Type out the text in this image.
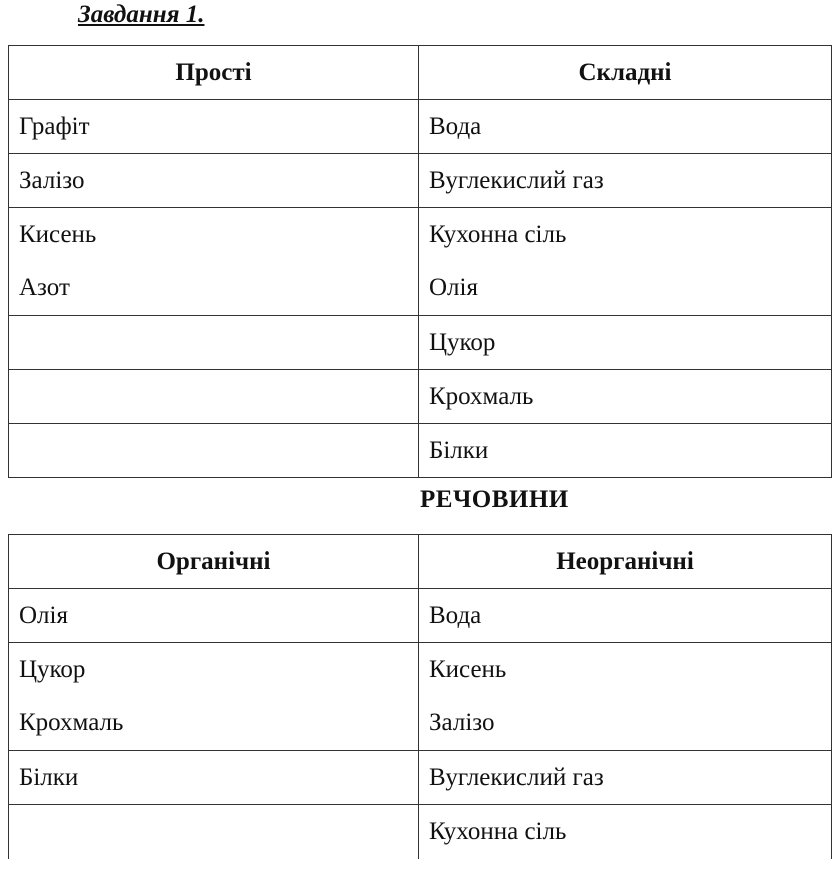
Завдання 1.
Прості	Складні
Графіт	Вода
Залізо	Вуглекислий газ
Кисень	Кухонна сіль
Азот	Олія
	Цукор
	Крохмаль
	Білки
РЕЧОВИНИ
Органічні	Неорганічні
Олія	Вода
Цукор	Кисень
Крохмаль	Залізо
Білки	Вуглекислий газ
	Кухонна сіль
